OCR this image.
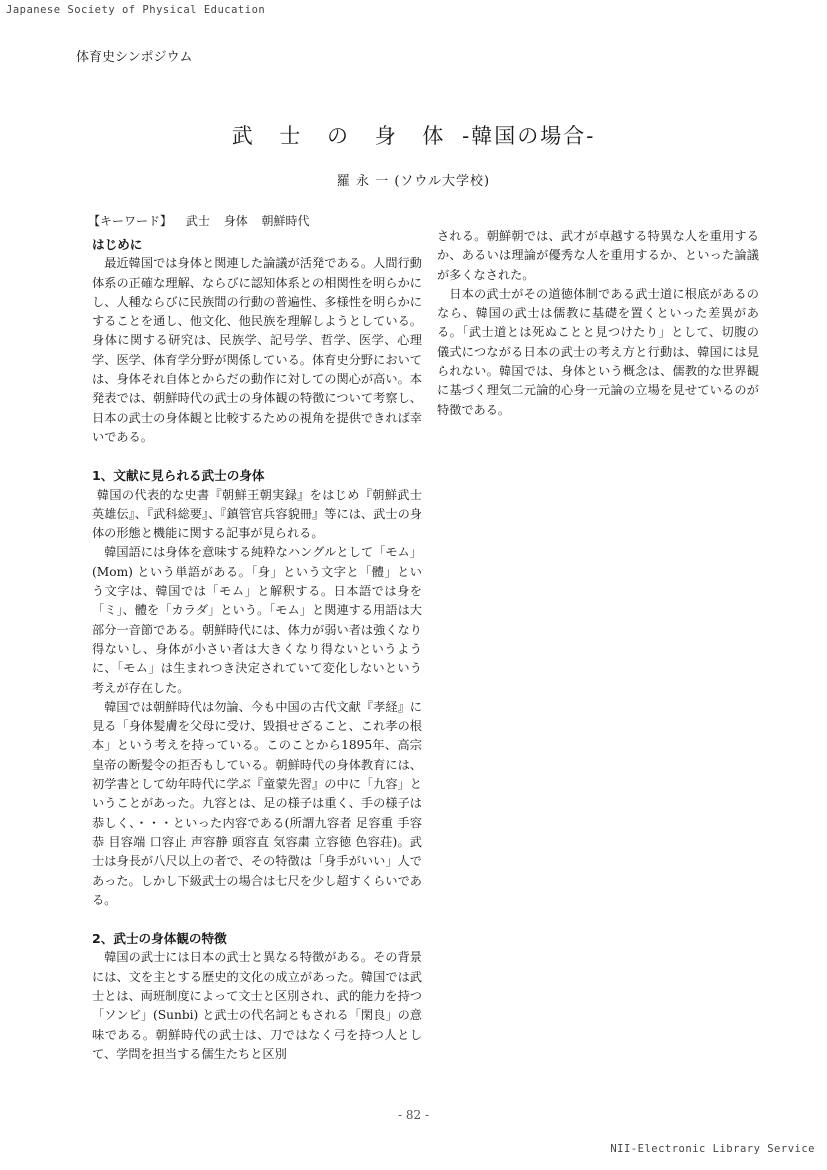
Japanese Society of Physical Education
体育史シンポジウム
武 士 の 身 体 -韓国の場合-
羅 永 一 (ソウル大学校)
【キーワード】 武士 身体 朝鮮時代
はじめに

最近韓国では身体と関連した論議が活発である。人間行動体系の正確な理解、ならびに認知体系との相関性を明らかにし、人種ならびに民族間の行動の普遍性、多様性を明らかにすることを通し、他文化、他民族を理解しようとしている。身体に関する研究は、民族学、記号学、哲学、医学、心理学、医学、体育学分野が関係している。体育史分野においては、身体それ自体とからだの動作に対しての関心が高い。本発表では、朝鮮時代の武士の身体観の特徴について考察し、日本の武士の身体観と比較するための視角を提供できれば幸いである。

1、文献に見られる武士の身体

韓国の代表的な史書『朝鮮王朝実録』をはじめ『朝鮮武士英雄伝』、『武科総要』、『鎮管官兵容貌冊』等には、武士の身体の形態と機能に関する記事が見られる。

韓国語には身体を意味する純粋なハングルとして「モム」(Mom) という単語がある。「身」という文字と「體」という文字は、韓国では「モム」と解釈する。日本語では身を「ミ」、體を「カラダ」という。「モム」と関連する用語は大部分一音節である。朝鮮時代には、体力が弱い者は強くなり得ないし、身体が小さい者は大きくなり得ないというように、「モム」は生まれつき決定されていて変化しないという考えが存在した。

韓国では朝鮮時代は勿論、今も中国の古代文献『孝経』に見る「身体髪膚を父母に受け、毀損せざること、これ孝の根本」という考えを持っている。このことから1895年、高宗皇帝の断髪令の拒否もしている。朝鮮時代の身体教育には、初学書として幼年時代に学ぶ『童蒙先習』の中に「九容」ということがあった。九容とは、足の様子は重く、手の様子は恭しく、・・・といった内容である(所謂九容者 足容重 手容恭 目容端 口容止 声容静 頭容直 気容粛 立容徳 色容荘)。武士は身長が八尺以上の者で、その特徴は「身手がいい」人であった。しかし下級武士の場合は七尺を少し超すくらいである。

2、武士の身体観の特徴

韓国の武士には日本の武士と異なる特徴がある。その背景には、文を主とする歴史的文化の成立があった。韓国では武士とは、両班制度によって文士と区別され、武的能力を持つ「ソンビ」(Sunbi) と武士の代名詞ともされる「閑良」の意味である。朝鮮時代の武士は、刀ではなく弓を持つ人として、学問を担当する儒生たちと区別

される。朝鮮朝では、武才が卓越する特異な人を重用するか、あるいは理論が優秀な人を重用するか、といった論議が多くなされた。

日本の武士がその道徳体制である武士道に根底があるのなら、韓国の武士は儒教に基礎を置くといった差異がある。「武士道とは死ぬことと見つけたり」として、切腹の儀式につながる日本の武士の考え方と行動は、韓国には見られない。韓国では、身体という概念は、儒教的な世界観に基づく理気二元論的心身一元論の立場を見せているのが特徴である。

- 82 -
NII-Electronic Library Service
